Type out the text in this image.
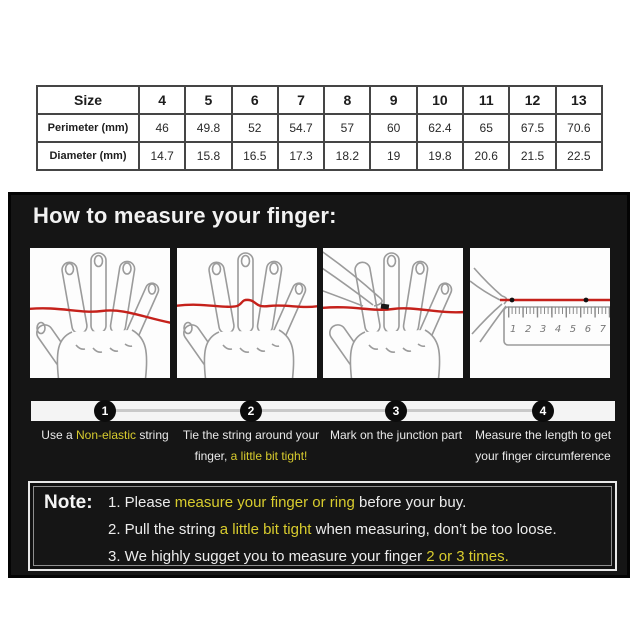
Size	4	5	6	7	8	9	10	11	12	13
Perimeter (mm)	46	49.8	52	54.7	57	60	62.4	65	67.5	70.6
Diameter (mm)	14.7	15.8	16.5	17.3	18.2	19	19.8	20.6	21.5	22.5
How to measure your finger:
1 2 3 4 5 6 7
1	2	3	4
Use a Non-elastic string	Tie the string around your
finger, a little bit tight!
Mark on the junction part	Measure the length to get
your finger circumference
Note: 1. Please measure your finger or ring before your buy.
2. Pull the string a little bit tight when measuring, don’t be too loose.
3. We highly sugget you to measure your finger 2 or 3 times.
